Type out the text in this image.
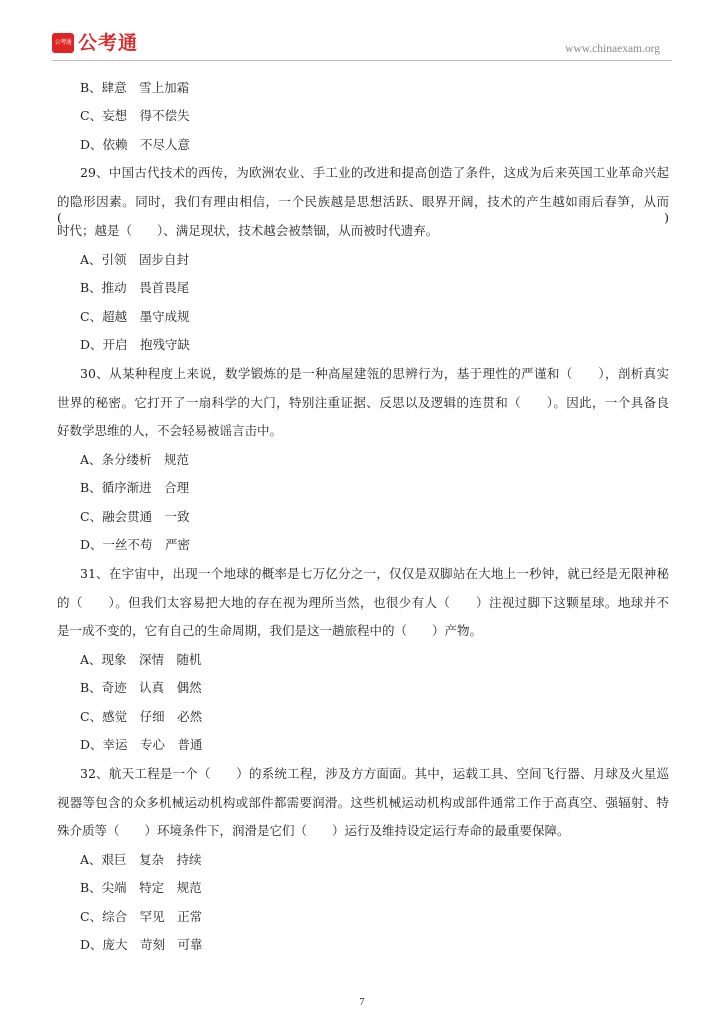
公考通 公考通	www.chinaexam.org
B、肆意　雪上加霜
C、妄想　得不偿失
D、依赖　不尽人意
29、中国古代技术的西传，为欧洲农业、手工业的改进和提高创造了条件，这成为后来英国工业革命兴起
的隐形因素。同时，我们有理由相信，一个民族越是思想活跃、眼界开阔，技术的产生越如雨后春笋，从而(　　)
时代；越是（　　）、满足现状，技术越会被禁锢，从而被时代遗弃。
A、引领　固步自封
B、推动　畏首畏尾
C、超越　墨守成规
D、开启　抱残守缺
30、从某种程度上来说，数学锻炼的是一种高屋建瓴的思辨行为，基于理性的严谨和（　　），剖析真实
世界的秘密。它打开了一扇科学的大门，特别注重证据、反思以及逻辑的连贯和（　　）。因此，一个具备良
好数学思维的人，不会轻易被谣言击中。
A、条分缕析　规范
B、循序渐进　合理
C、融会贯通　一致
D、一丝不苟　严密
31、在宇宙中，出现一个地球的概率是七万亿分之一，仅仅是双脚站在大地上一秒钟，就已经是无限神秘
的（　　）。但我们太容易把大地的存在视为理所当然，也很少有人（　　）注视过脚下这颗星球。地球并不
是一成不变的，它有自己的生命周期，我们是这一趟旅程中的（　　）产物。
A、现象　深情　随机
B、奇迹　认真　偶然
C、感觉　仔细　必然
D、幸运　专心　普通
32、航天工程是一个（　　）的系统工程，涉及方方面面。其中，运载工具、空间飞行器、月球及火星巡
视器等包含的众多机械运动机构或部件都需要润滑。这些机械运动机构或部件通常工作于高真空、强辐射、特
殊介质等（　　）环境条件下，润滑是它们（　　）运行及维持设定运行寿命的最重要保障。
A、艰巨　复杂　持续
B、尖端　特定　规范
C、综合　罕见　正常
D、庞大　苛刻　可靠
7
